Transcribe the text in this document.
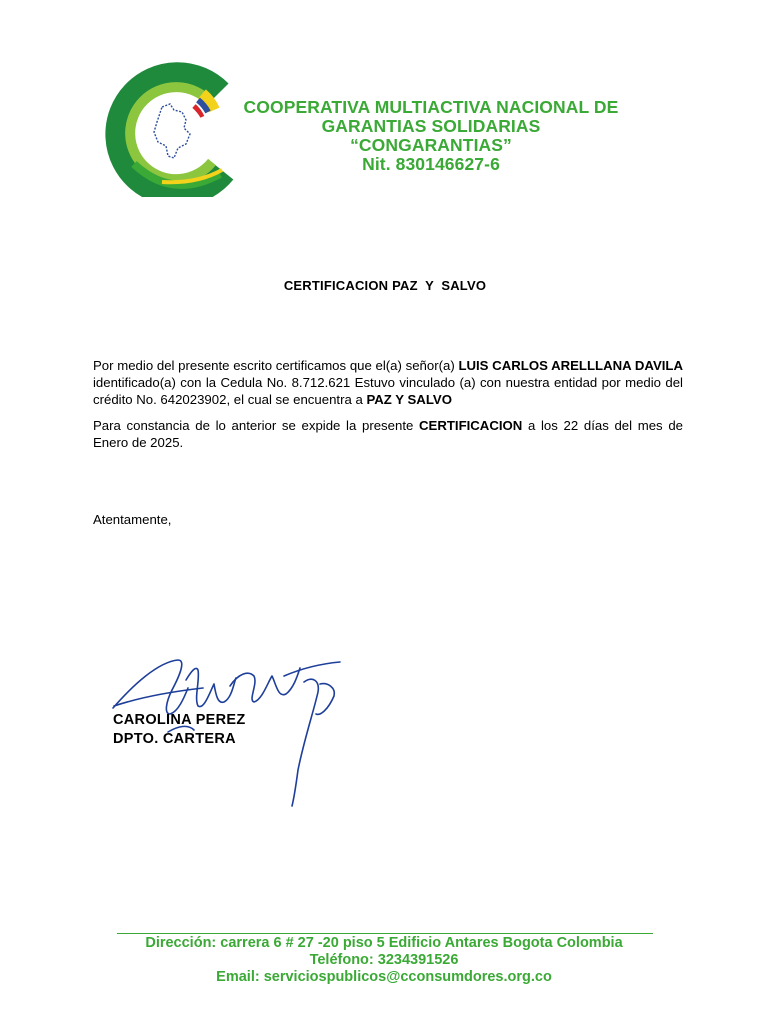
COOPERATIVA MULTIACTIVA NACIONAL DE
GARANTIAS SOLIDARIAS
“CONGARANTIAS”
Nit. 830146627-6
CERTIFICACION PAZ  Y  SALVO
Por medio del presente escrito certificamos que el(a) señor(a) LUIS CARLOS ARELLLANA DAVILA identificado(a) con la Cedula No. 8.712.621 Estuvo vinculado (a) con nuestra entidad por medio del crédito No. 642023902, el cual se encuentra a PAZ Y SALVO
Para constancia de lo anterior se expide la presente CERTIFICACION a los 22 días del mes de Enero de 2025.
Atentamente,
CAROLINA PEREZ
DPTO. CARTERA
Dirección: carrera 6 # 27 -20 piso 5 Edificio Antares Bogota Colombia
Teléfono: 3234391526
Email: serviciospublicos@cconsumdores.org.co
